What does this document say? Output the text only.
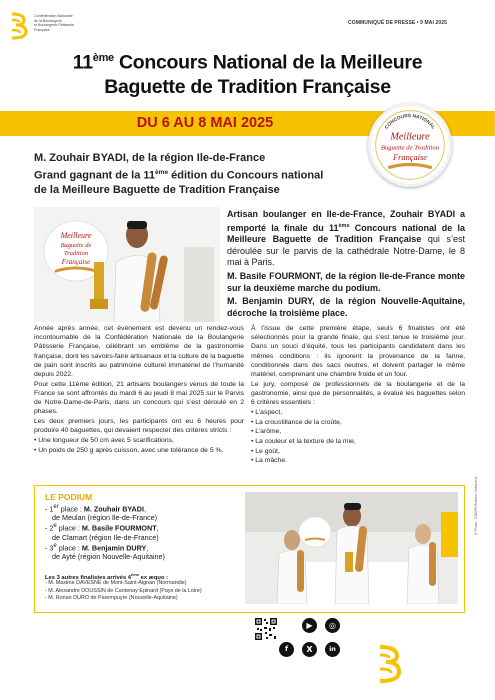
Confédération Nationale
de la Boulangerie
et Boulangerie-Pâtisserie
Française
COMMUNIQUÉ DE PRESSE • 9 MAI 2025
11ème Concours National de la Meilleure
Baguette de Tradition Française
DU 6 AU 8 MAI 2025	CONCOURS NATIONAL
Meilleure
Baguette de Tradition
Française
M. Zouhair BYADI, de la région Ile-de-France
Grand gagnant de la 11ème édition du Concours national
de la Meilleure Baguette de Tradition Française
Meilleure
Baguette de
Tradition
Française

Artisan boulanger en Ile-de-France, Zouhair BYADI a remporté la finale du 11ème Concours national de la Meilleure Baguette de Tradition Française qui s’est déroulée sur le parvis de la cathédrale Notre-Dame, le 8 mai à Paris.

M. Basile FOURMONT, de la région Ile-de-France monte sur la deuxième marche du podium.

M. Benjamin DURY, de la région Nouvelle-Aquitaine, décroche la troisième place.

Année après année, cet événement est devenu un rendez-vous incontournable de la Confédération Nationale de la Boulangerie Pâtisserie Française, célébrant un emblème de la gastronomie française, dont les savoirs-faire artisanaux et la culture de la baguette de pain sont inscrits au patrimoine culturel immatériel de l’humanité depuis 2022.

Pour cette 11ème édition, 21 artisans boulangers venus de toute la France se sont affrontés du mardi 6 au jeudi 8 mai 2025 sur le Parvis de Notre-Dame-de-Paris, dans un concours qui s’est déroulé en 2 phases.

Les deux premiers jours, les participants ont eu 6 heures pour produire 40 baguettes, qui devaient respecter des critères stricts :

• Une longueur de 50 cm avec 5 scarifications,

• Un poids de 250 g après cuisson, avec une tolérance de 5 %.

À l’issue de cette première étape, seuls 6 finalistes ont été sélectionnés pour la grande finale, qui s’est tenue le troisième jour. Dans un souci d’équité, tous les participants candidatent dans les mêmes conditions : ils ignorent la provenance de la farine, conditionnée dans des sacs neutres, et doivent partager le même matériel, comprenant une chambre froide et un four.

Le jury, composé de professionnels de la boulangerie et de la gastronomie, ainsi que de personnalités, a évalué les baguettes selon 6 critères essentiels :

• L’aspect,

• La croustillance de la croûte,

• L’arôme,

• La couleur et la texture de la mie,

• Le goût,

• La mâche.

LE PODIUM
- 1er place : M. Zouhair BYADI,
de Meulan (région Ile-de-France)
- 2e place : M. Basile FOURMONT,
de Clamart (région Ile-de-France)
- 3e place : M. Benjamin DURY,
de Ayté (région Nouvelle-Aquitaine)
Les 3 autres finalistes arrivés 4ème ex æquo :
- M. Maxime DAVESNE de Mont-Saint-Aignan (Normandie)
- M. Alexandre DOUSSIN de Cantenay Epinard (Pays de la Loire)
- M. Ronan DURO de Parempuyre (Nouvelle-Aquitaine)
© Photo : CNBPF/Antoine Veleyrend
▶	◎
f	X	in
